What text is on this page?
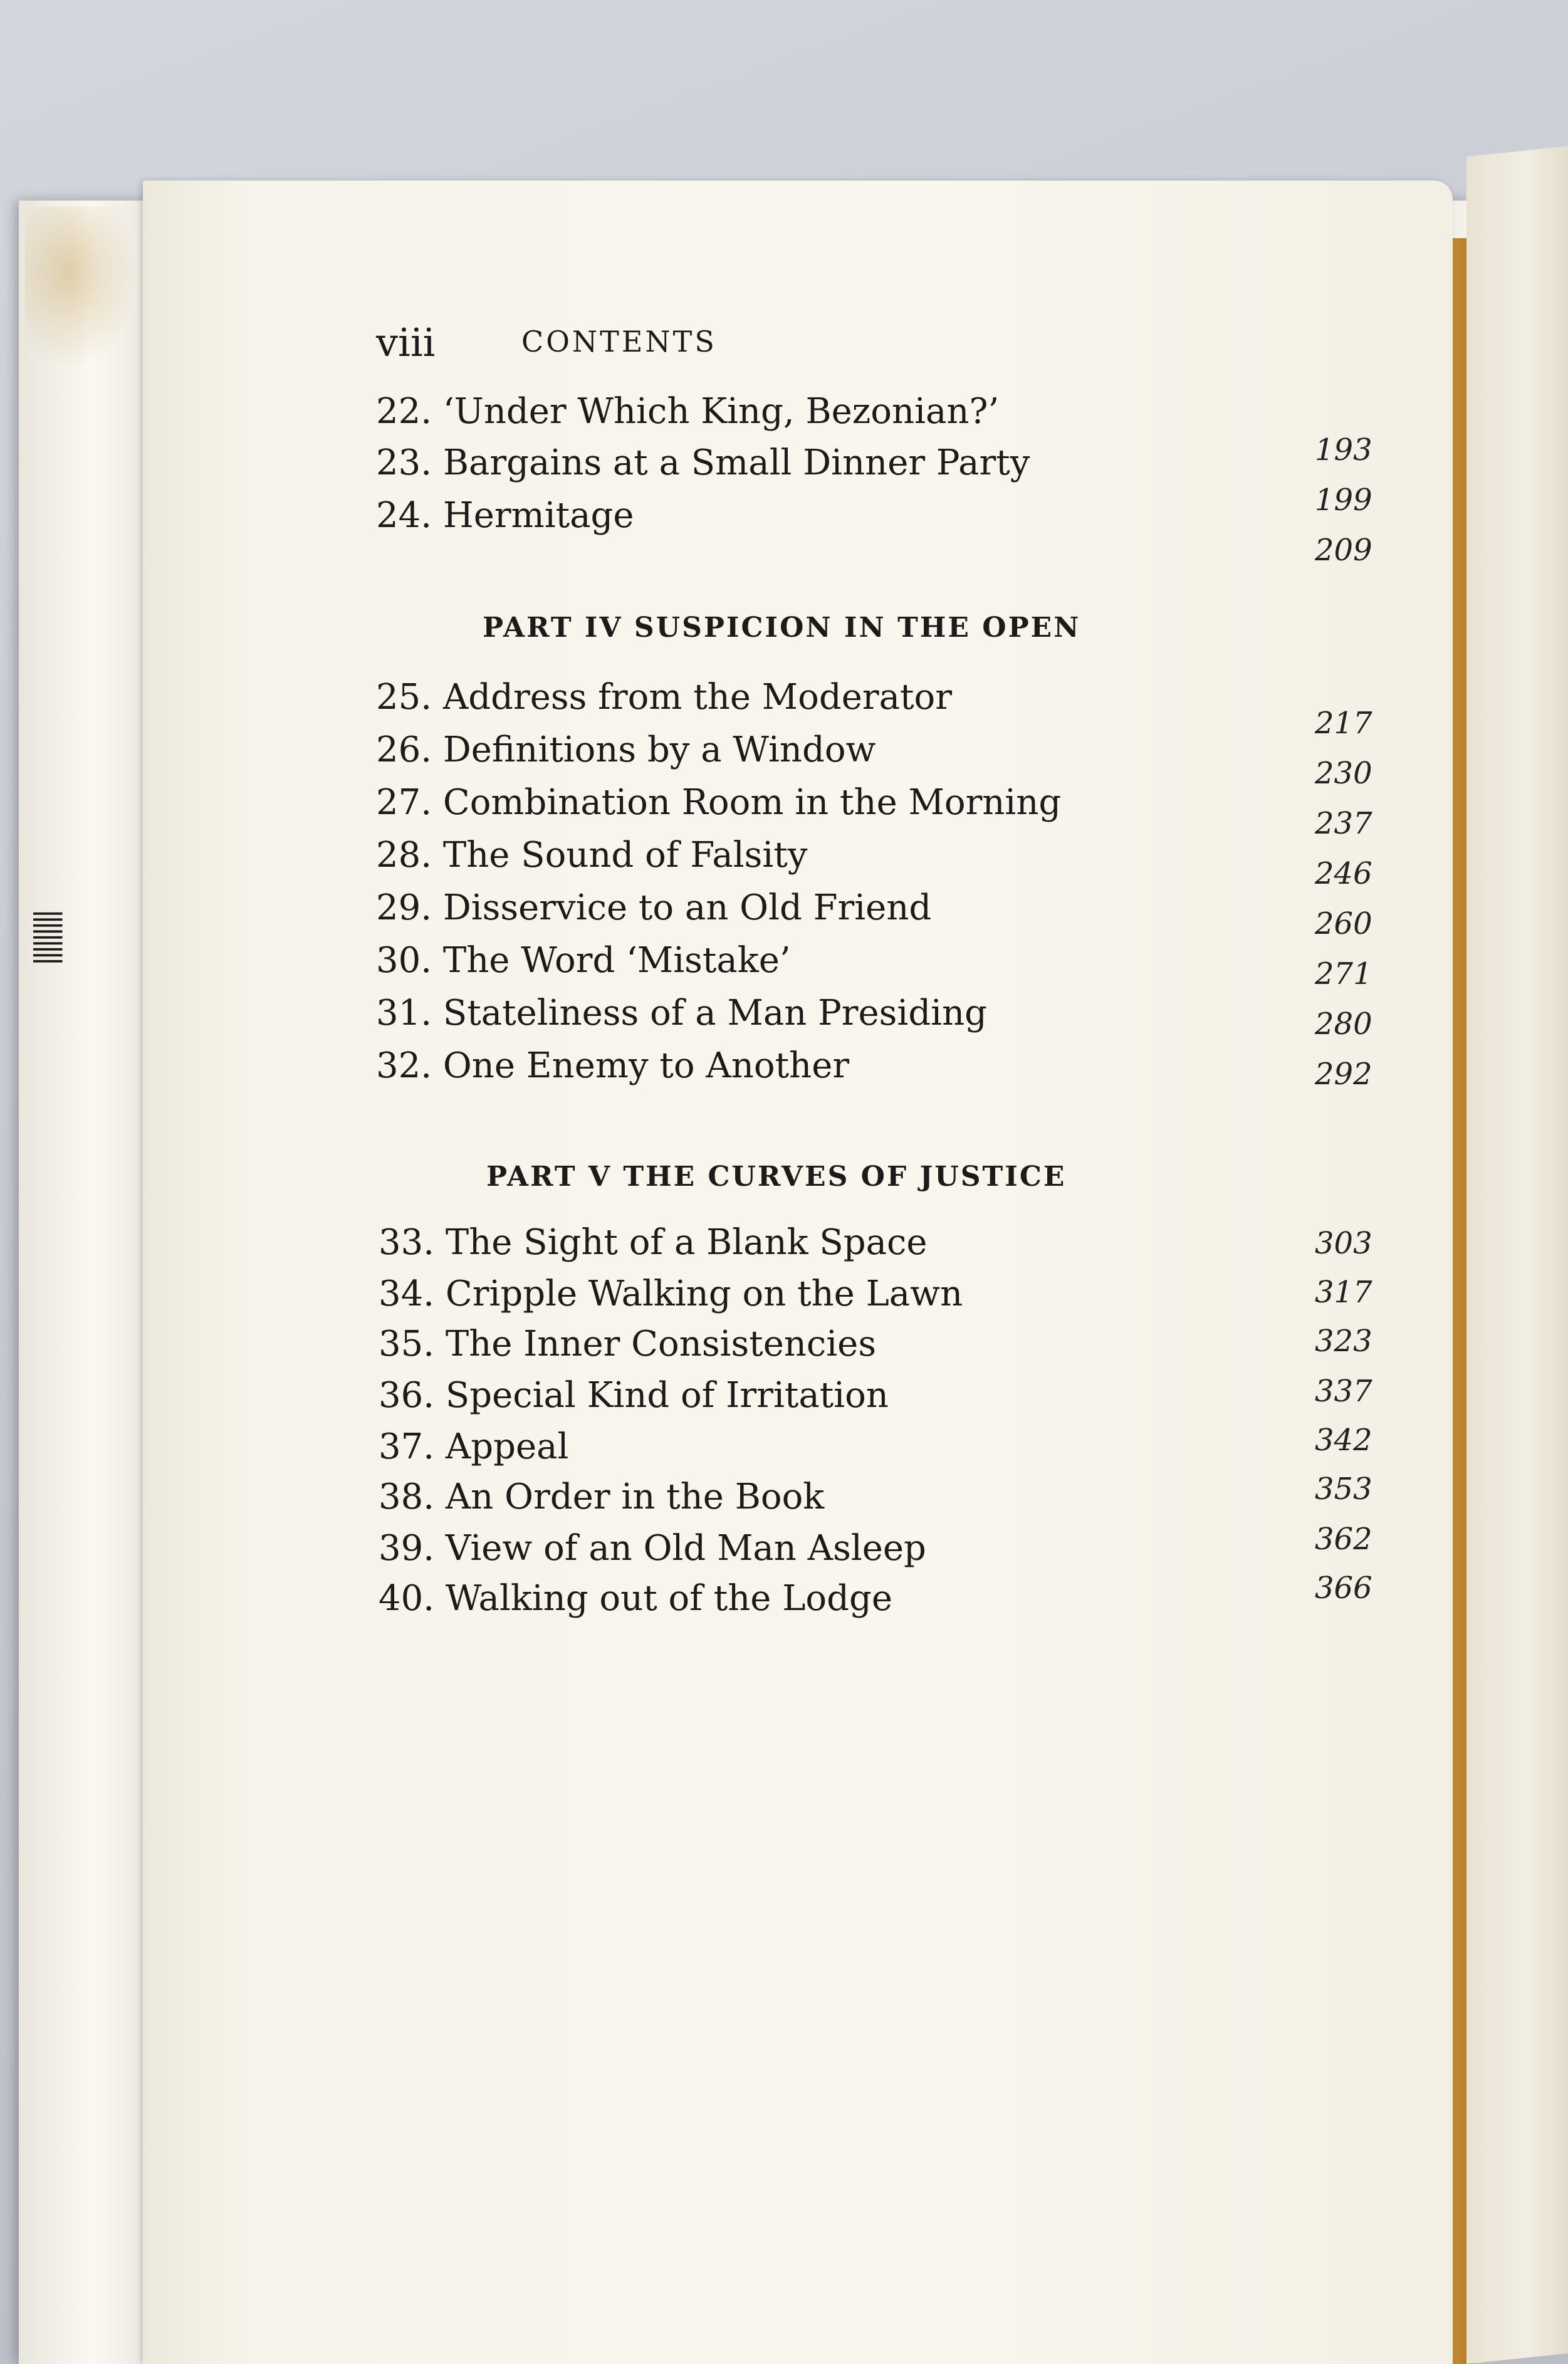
|||||||||
viii	CONTENTS
22. ‘Under Which King, Bezonian?’
23. Bargains at a Small Dinner Party
24. Hermitage
193
199
209
PART IV SUSPICION IN THE OPEN
25. Address from the Moderator
26. Definitions by a Window
27. Combination Room in the Morning
28. The Sound of Falsity
29. Disservice to an Old Friend
30. The Word ‘Mistake’
31. Stateliness of a Man Presiding
32. One Enemy to Another
217
230
237
246
260
271
280
292
PART V THE CURVES OF JUSTICE
33. The Sight of a Blank Space
34. Cripple Walking on the Lawn
35. The Inner Consistencies
36. Special Kind of Irritation
37. Appeal
38. An Order in the Book
39. View of an Old Man Asleep
40. Walking out of the Lodge
303
317
323
337
342
353
362
366
